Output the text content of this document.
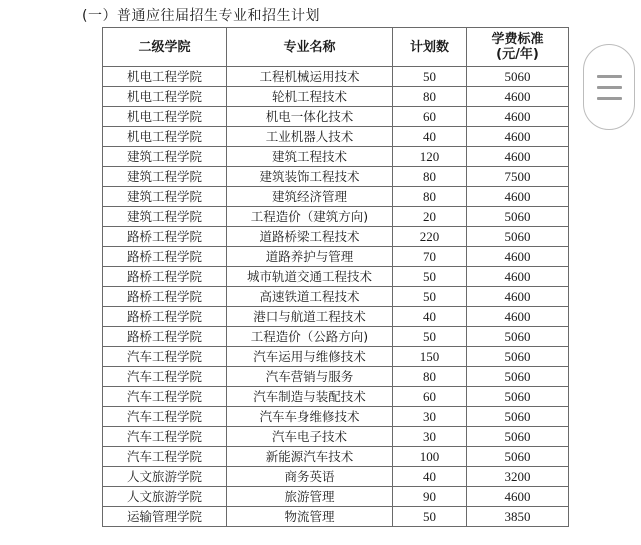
(一）普通应往届招生专业和招生计划
二级学院	专业名称	计划数	学费标准
(元/年)

机电工程学院	工程机械运用技术	50	5060
机电工程学院	轮机工程技术	80	4600
机电工程学院	机电一体化技术	60	4600
机电工程学院	工业机器人技术	40	4600
建筑工程学院	建筑工程技术	120	4600
建筑工程学院	建筑装饰工程技术	80	7500
建筑工程学院	建筑经济管理	80	4600
建筑工程学院	工程造价（建筑方向)	20	5060
路桥工程学院	道路桥梁工程技术	220	5060
路桥工程学院	道路养护与管理	70	4600
路桥工程学院	城市轨道交通工程技术	50	4600
路桥工程学院	高速铁道工程技术	50	4600
路桥工程学院	港口与航道工程技术	40	4600
路桥工程学院	工程造价（公路方向)	50	5060
汽车工程学院	汽车运用与维修技术	150	5060
汽车工程学院	汽车营销与服务	80	5060
汽车工程学院	汽车制造与装配技术	60	5060
汽车工程学院	汽车车身维修技术	30	5060
汽车工程学院	汽车电子技术	30	5060
汽车工程学院	新能源汽车技术	100	5060
人文旅游学院	商务英语	40	3200
人文旅游学院	旅游管理	90	4600
运输管理学院	物流管理	50	3850
